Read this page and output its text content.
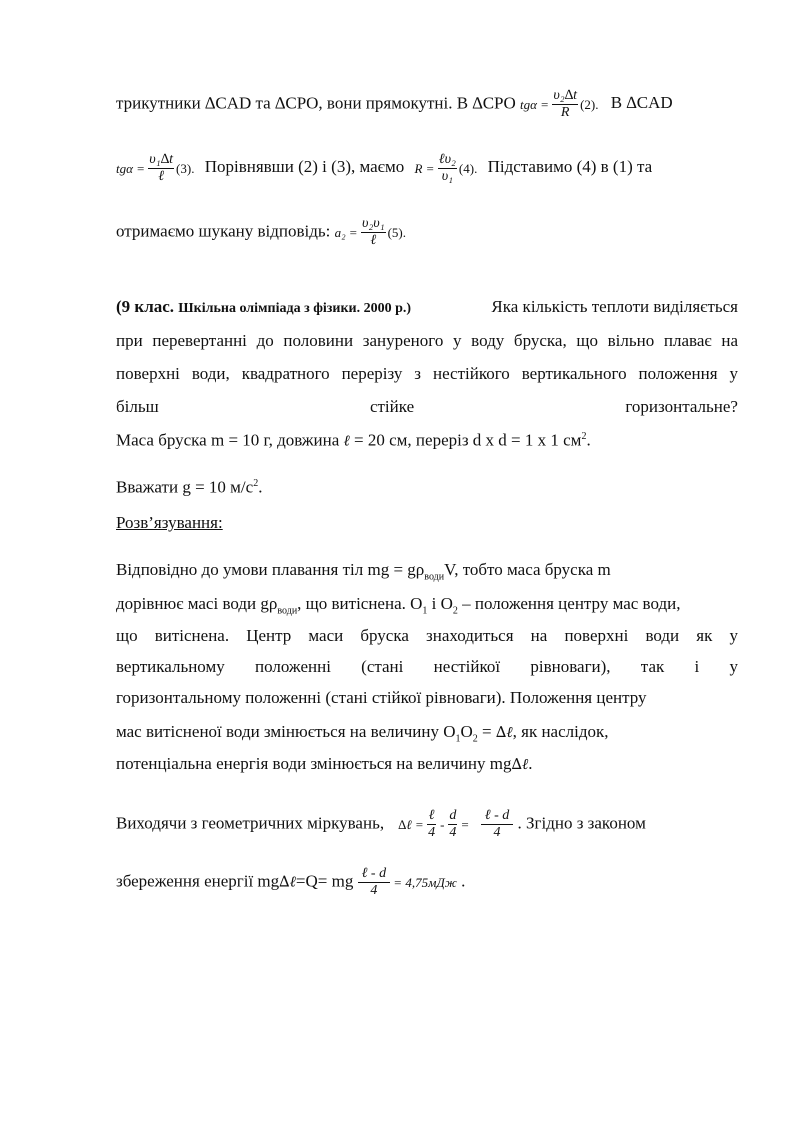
трикутники ∆CAD та ∆CPO, вони прямокутні. В ∆CPO $tg\alpha = \frac{\text{υ₂∆t}}{R} (2)$. В ∆CAD
tgα =
υ₁∆t
ℓ
(3). Порівнявши (2) і (3), маємо R =
ℓυ₂
υ₁
(4). Підставимо (4) в (1) та
отримаємо шукану відповідь: a₂ =
υ₂υ₁
ℓ
(5).
(9 клас. Шкільна олімпіада з фізики. 2000 р.)	Яка кількість теплоти виділяється
при перевертанні до половини зануреного у воду бруска, що вільно плаває на
поверхні води, квадратного перерізу з нестійкого вертикального положення у
більш	стійке	горизонтальне?
Маса бруска m = 10 г, довжина ℓ = 20 см, переріз d x d = 1 x 1 $см^2$.
Вважати g = 10 $м/с^2$.
Розв’язування:
Відповідно до умови плавання тіл mg = $g\rho_{води}V$, тобто маса бруска m
дорівнює масі води $g\rho_{води}$, що витіснена. $O_1$ і $O_2$ – положення центру мас води,
що витіснена. Центр маси бруска знаходиться на поверхні води як у
вертикальному положенні (стані нестійкої рівноваги), так і у
горизонтальному положенні (стані стійкої рівноваги). Положення центру
мас витісненої води змінюється на величину $O_1O_2$ = ∆ℓ, як наслідок,
потенціальна енергія води змінюється на величину mg∆ℓ.
Виходячи з геометричних міркувань, ∆ℓ =
ℓ
4
- $\frac{d}{4}$ =
ℓ - d
4
. Згідно з законом
збереження енергії mg∆ℓ=Q= mg ℓ - d
4
= 4,75мДж .
